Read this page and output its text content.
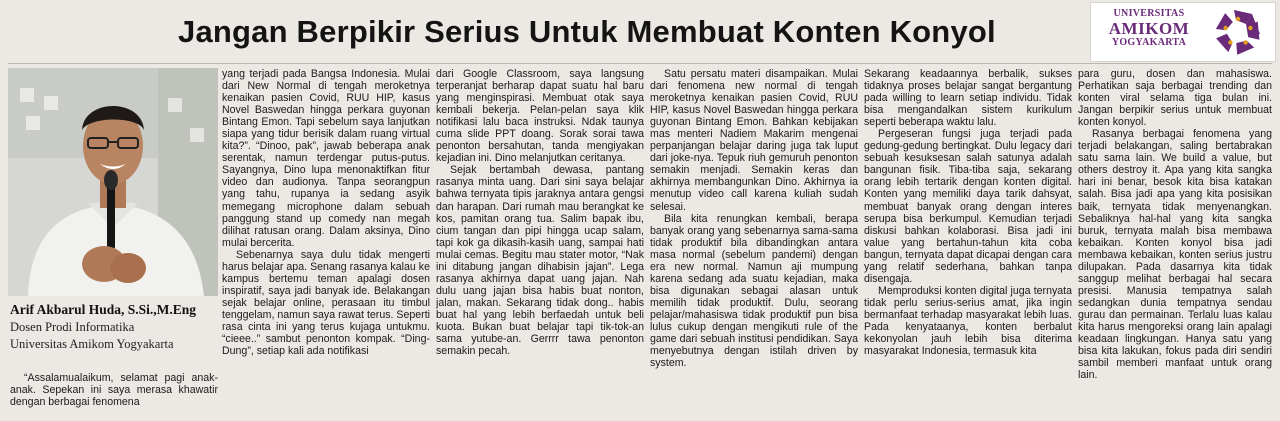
Jangan Berpikir Serius Untuk Membuat Konten Konyol
UNIVERSITAS
AMIKOM
YOGYAKARTA
Arif Akbarul Huda, S.Si.,M.Eng
Dosen Prodi Informatika
Universitas Amikom Yogyakarta

“Assalamualaikum, selamat pagi anak-anak. Sepekan ini saya merasa khawatir dengan berbagai fenomena

yang terjadi pada Bangsa Indonesia. Mulai dari New Normal di tengah meroketnya kenaikan pasien Covid, RUU HIP, kasus Novel Baswedan hingga perkara guyonan Bintang Emon. Tapi sebelum saya lanjutkan siapa yang tidur berisik dalam ruang virtual kita?”. “Dinoo, pak”, jawab beberapa anak serentak, namun terdengar putus-putus. Sayangnya, Dino lupa menonaktifkan fitur video dan audionya. Tanpa seorangpun yang tahu, rupanya ia sedang asyik memegang microphone dalam sebuah panggung stand up comedy nan megah dilihat ratusan orang. Dalam aksinya, Dino mulai bercerita.

Sebenarnya saya dulu tidak mengerti harus belajar apa. Senang rasanya kalau ke kampus bertemu teman apalagi dosen inspiratif, saya jadi banyak ide. Belakangan sejak belajar online, perasaan itu timbul tenggelam, namun saya rawat terus. Seperti rasa cinta ini yang terus kujaga untukmu. “cieee..” sambut penonton kompak. “Ding-Dung”, setiap kali ada notifikasi

dari Google Classroom, saya langsung terperanjat berharap dapat suatu hal baru yang menginspirasi. Membuat otak saya kembali bekerja. Pelan-pelan saya klik notifikasi lalu baca instruksi. Ndak taunya cuma slide PPT doang. Sorak sorai tawa penonton bersahutan, tanda mengiyakan kejadian ini. Dino melanjutkan ceritanya.

Sejak bertambah dewasa, pantang rasanya minta uang. Dari sini saya belajar bahwa ternyata tipis jaraknya antara gengsi dan harapan. Dari rumah mau berangkat ke kos, pamitan orang tua. Salim bapak ibu, cium tangan dan pipi hingga ucap salam, tapi kok ga dikasih-kasih uang, sampai hati mulai cemas. Begitu mau stater motor, “Nak ini ditabung jangan dihabisin jajan”. Lega rasanya akhirnya dapat uang jajan. Nah dulu uang jajan bisa habis buat nonton, jalan, makan. Sekarang tidak dong.. habis buat hal yang lebih berfaedah untuk beli kuota. Bukan buat belajar tapi tik-tok-an sama yutube-an. Gerrrr tawa penonton semakin pecah.

Satu persatu materi disampaikan. Mulai dari fenomena new normal di tengah meroketnya kenaikan pasien Covid, RUU HIP, kasus Novel Baswedan hingga perkara guyonan Bintang Emon. Bahkan kebijakan mas menteri Nadiem Makarim mengenai perpanjangan belajar daring juga tak luput dari joke-nya. Tepuk riuh gemuruh penonton semakin menjadi. Semakin keras dan akhirnya membangunkan Dino. Akhirnya ia menutup video call karena kuliah sudah selesai.

Bila kita renungkan kembali, berapa banyak orang yang sebenarnya sama-sama tidak produktif bila dibandingkan antara masa normal (sebelum pandemi) dengan era new normal. Namun aji mumpung karena sedang ada suatu kejadian, maka bisa digunakan sebagai alasan untuk memilih tidak produktif. Dulu, seorang pelajar/mahasiswa tidak produktif pun bisa lulus cukup dengan mengikuti rule of the game dari sebuah institusi pendidikan. Saya menyebutnya dengan istilah driven by system.

Sekarang keadaannya berbalik, sukses tidaknya proses belajar sangat bergantung pada willing to learn setiap individu. Tidak bisa mengandalkan sistem kurikulum seperti beberapa waktu lalu.

Pergeseran fungsi juga terjadi pada gedung-gedung bertingkat. Dulu legacy dari sebuah kesuksesan salah satunya adalah bangunan fisik. Tiba-tiba saja, sekarang orang lebih tertarik dengan konten digital. Konten yang memiliki daya tarik dahsyat, membuat banyak orang dengan interes serupa bisa berkumpul. Kemudian terjadi diskusi bahkan kolaborasi. Bisa jadi ini value yang bertahun-tahun kita coba bangun, ternyata dapat dicapai dengan cara yang relatif sederhana, bahkan tanpa disengaja.

Memproduksi konten digital juga ternyata tidak perlu serius-serius amat, jika ingin bermanfaat terhadap masyarakat lebih luas. Pada kenyataanya, konten berbalut kekonyolan jauh lebih bisa diterima masyarakat Indonesia, termasuk kita

para guru, dosen dan mahasiswa. Perhatikan saja berbagai trending dan konten viral selama tiga bulan ini. Jangan berpikir serius untuk membuat konten konyol.

Rasanya berbagai fenomena yang terjadi belakangan, saling bertabrakan satu sama lain. We build a value, but others destroy it. Apa yang kita sangka hari ini benar, besok kita bisa katakan salah. Bisa jadi apa yang kita posisikan baik, ternyata tidak menyenangkan. Sebaliknya hal-hal yang kita sangka buruk, ternyata malah bisa membawa kebaikan. Konten konyol bisa jadi membawa kebaikan, konten serius justru dilupakan. Pada dasarnya kita tidak sanggup melihat berbagai hal secara presisi. Manusia tempatnya salah sedangkan dunia tempatnya sendau gurau dan permainan. Terlalu luas kalau kita harus mengoreksi orang lain apalagi keadaan lingkungan. Hanya satu yang bisa kita lakukan, fokus pada diri sendiri sambil memberi manfaat untuk orang lain.
